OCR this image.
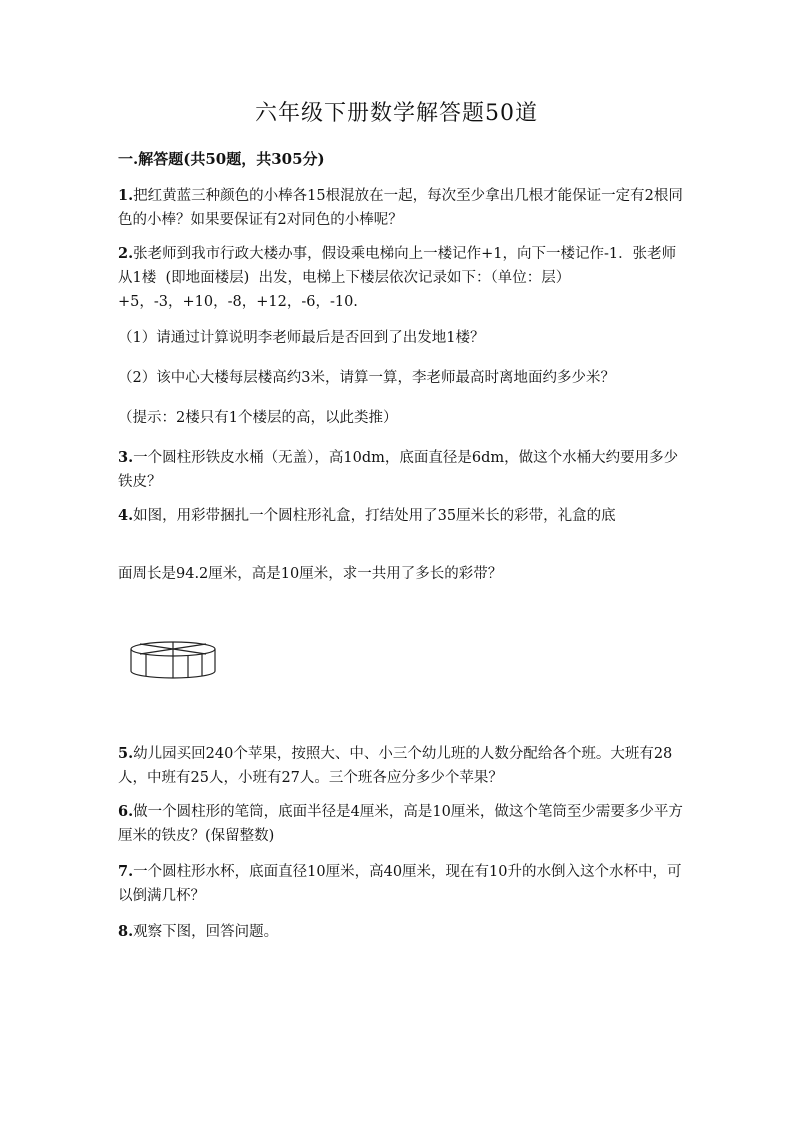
六年级下册数学解答题50道
一.解答题(共50题，共305分)
1.把红黄蓝三种颜色的小棒各15根混放在一起，每次至少拿出几根才能保证一定有2根同色的小棒？如果要保证有2对同色的小棒呢？
2.张老师到我市行政大楼办事，假设乘电梯向上一楼记作+1，向下一楼记作-1．张老师从1楼  (即地面楼层)  出发，电梯上下楼层依次记录如下：（单位：层）+5，-3，+10，-8，+12，-6，-10.
（1）请通过计算说明李老师最后是否回到了出发地1楼？
（2）该中心大楼每层楼高约3米，请算一算，李老师最高时离地面约多少米？
（提示：2楼只有1个楼层的高，以此类推）
3.一个圆柱形铁皮水桶（无盖），高10dm，底面直径是6dm，做这个水桶大约要用多少铁皮？
4.如图，用彩带捆扎一个圆柱形礼盒，打结处用了35厘米长的彩带，礼盒的底
面周长是94.2厘米，高是10厘米，求一共用了多长的彩带？
5.幼儿园买回240个苹果，按照大、中、小三个幼儿班的人数分配给各个班。大班有28人，中班有25人，小班有27人。三个班各应分多少个苹果？
6.做一个圆柱形的笔筒，底面半径是4厘米，高是10厘米，做这个笔筒至少需要多少平方厘米的铁皮？(保留整数)
7.一个圆柱形水杯，底面直径10厘米，高40厘米，现在有10升的水倒入这个水杯中，可以倒满几杯？
8.观察下图，回答问题。
